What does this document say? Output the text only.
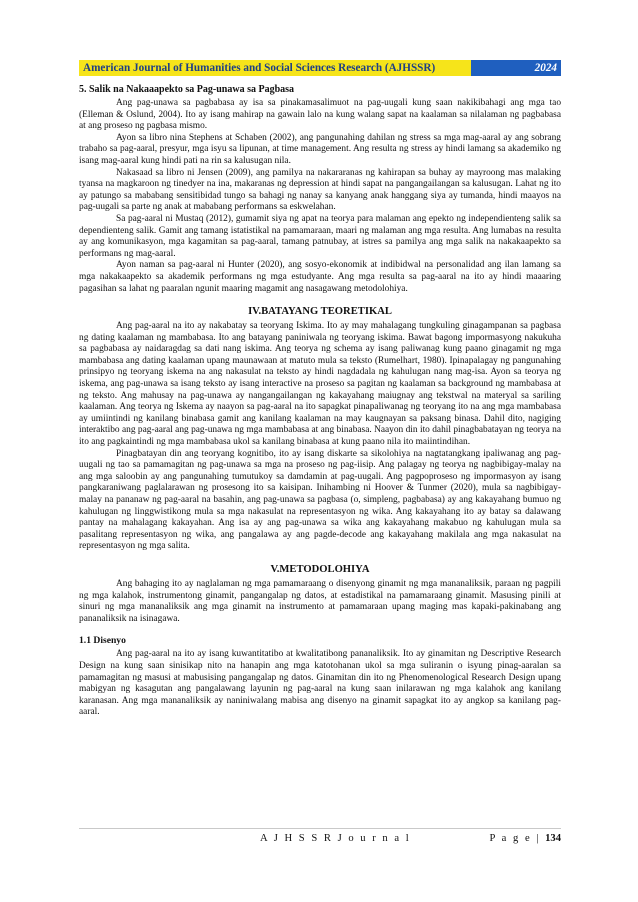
American Journal of Humanities and Social Sciences Research (AJHSSR)	2024
5. Salik na Nakaaapekto sa Pag-unawa sa Pagbasa

Ang pag-unawa sa pagbabasa ay isa sa pinakamasalimuot na pag-uugali kung saan nakikibahagi ang mga tao (Elleman & Oslund, 2004). Ito ay isang mahirap na gawain lalo na kung walang sapat na kaalaman sa nilalaman ng pagbabasa at ang proseso ng pagbasa mismo.

Ayon sa libro nina Stephens at Schaben (2002), ang pangunahing dahilan ng stress sa mga mag-aaral ay ang sobrang trabaho sa pag-aaral, presyur, mga isyu sa lipunan, at time management. Ang resulta ng stress ay hindi lamang sa akademiko ng isang mag-aaral kung hindi pati na rin sa kalusugan nila.

Nakasaad sa libro ni Jensen (2009), ang pamilya na nakararanas ng kahirapan sa buhay ay mayroong mas malaking tyansa na magkaroon ng tinedyer na ina, makaranas ng depression at hindi sapat na pangangailangan sa kalusugan. Lahat ng ito ay patungo sa mababang sensitibidad tungo sa bahagi ng nanay sa kanyang anak hanggang siya ay tumanda, hindi maayos na pag-uugali sa parte ng anak at mababang performans sa eskwelahan.

Sa pag-aaral ni Mustaq (2012), gumamit siya ng apat na teorya para malaman ang epekto ng independienteng salik sa dependienteng salik. Gamit ang tamang istatistikal na pamamaraan, maari ng malaman ang mga resulta. Ang lumabas na resulta ay ang komunikasyon, mga kagamitan sa pag-aaral, tamang patnubay, at istres sa pamilya ang mga salik na nakakaapekto sa performans ng mag-aaral.

Ayon naman sa pag-aaral ni Hunter (2020), ang sosyo-ekonomik at indibidwal na personalidad ang ilan lamang sa mga nakakaapekto sa akademik performans ng mga estudyante. Ang mga resulta sa pag-aaral na ito ay hindi maaaring pagasihan sa lahat ng paaralan ngunit maaring magamit ang nasagawang metodolohiya.

IV.BATAYANG TEORETIKAL

Ang pag-aaral na ito ay nakabatay sa teoryang Iskima. Ito ay may mahalagang tungkuling ginagampanan sa pagbasa ng dating kaalaman ng mambabasa. Ito ang batayang paniniwala ng teoryang iskima. Bawat bagong impormasyong nakukuha sa pagbabasa ay naidaragdag sa dati nang iskima. Ang teorya ng schema ay isang paliwanag kung paano ginagamit ng mga mambabasa ang dating kaalaman upang maunawaan at matuto mula sa teksto (Rumelhart, 1980). Ipinapalagay ng pangunahing prinsipyo ng teoryang iskema na ang nakasulat na teksto ay hindi nagdadala ng kahulugan nang mag-isa. Ayon sa teorya ng iskema, ang pag-unawa sa isang teksto ay isang interactive na proseso sa pagitan ng kaalaman sa background ng mambabasa at ng teksto. Ang mahusay na pag-unawa ay nangangailangan ng kakayahang maiugnay ang tekstwal na materyal sa sariling kaalaman. Ang teorya ng Iskema ay naayon sa pag-aaral na ito sapagkat pinapaliwanag ng teoryang ito na ang mga mambabasa ay umiintindi ng kanilang binabasa gamit ang kanilang kaalaman na may kaugnayan sa paksang binasa. Dahil dito, nagiging interaktibo ang pag-aaral ang pag-unawa ng mga mambabasa at ang binabasa. Naayon din ito dahil pinagbabatayan ng teorya na ito ang pagkaintindi ng mga mambabasa ukol sa kanilang binabasa at kung paano nila ito maiintindihan.

Pinagbatayan din ang teoryang kognitibo, ito ay isang diskarte sa sikolohiya na nagtatangkang ipaliwanag ang pag-uugali ng tao sa pamamagitan ng pag-unawa sa mga na proseso ng pag-iisip. Ang palagay ng teorya ng nagbibigay-malay na ang mga saloobin ay ang pangunahing tumutukoy sa damdamin at pag-uugali. Ang pagpoproseso ng impormasyon ay isang pangkaraniwang paglalarawan ng prosesong ito sa kaisipan. Inihambing ni Hoover & Tunmer (2020), mula sa nagbibigay-malay na pananaw ng pag-aaral na basahin, ang pag-unawa sa pagbasa (o, simpleng, pagbabasa) ay ang kakayahang bumuo ng kahulugan ng linggwistikong mula sa mga nakasulat na representasyon ng wika. Ang kakayahang ito ay batay sa dalawang pantay na mahalagang kakayahan. Ang isa ay ang pag-unawa sa wika ang kakayahang makabuo ng kahulugan mula sa pasalitang representasyon ng wika, ang pangalawa ay ang pagde-decode ang kakayahang makilala ang mga nakasulat na representasyon ng mga salita.

V.METODOLOHIYA

Ang bahaging ito ay naglalaman ng mga pamamaraang o disenyong ginamit ng mga mananaliksik, paraan ng pagpili ng mga kalahok, instrumentong ginamit, pangangalap ng datos, at estadistikal na pamamaraang ginamit. Masusing pinili at sinuri ng mga mananaliksik ang mga ginamit na instrumento at pamamaraan upang maging mas kapaki-pakinabang ang pananaliksik na isinagawa.

1.1 Disenyo

Ang pag-aaral na ito ay isang kuwantitatibo at kwalitatibong pananaliksik. Ito ay ginamitan ng Descriptive Research Design na kung saan sinisikap nito na hanapin ang mga katotohanan ukol sa mga suliranin o isyung pinag-aaralan sa pamamagitan ng masusi at mabusising pangangalap ng datos. Ginamitan din ito ng Phenomenological Research Design upang mabigyan ng kasagutan ang pangalawang layunin ng pag-aaral na kung saan inilarawan ng mga kalahok ang kanilang karanasan. Ang mga mananaliksik ay naniniwalang mabisa ang disenyo na ginamit sapagkat ito ay angkop sa kanilang pag-aaral.

A J H S S R J o u r n a l	P a g e | 134
